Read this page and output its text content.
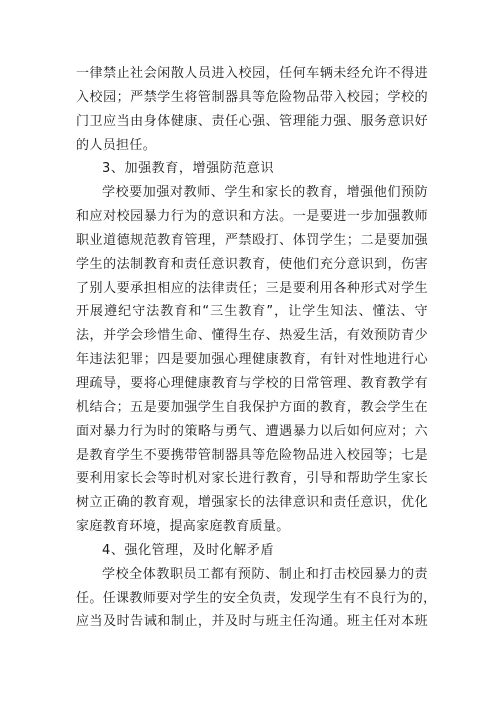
一律禁止社会闲散人员进入校园，任何车辆未经允许不得进
入校园；严禁学生将管制器具等危险物品带入校园；学校的
门卫应当由身体健康、责任心强、管理能力强、服务意识好
的人员担任。
3、加强教育，增强防范意识
学校要加强对教师、学生和家长的教育，增强他们预防
和应对校园暴力行为的意识和方法。一是要进一步加强教师
职业道德规范教育管理，严禁殴打、体罚学生；二是要加强
学生的法制教育和责任意识教育，使他们充分意识到，伤害
了别人要承担相应的法律责任；三是要利用各种形式对学生
开展遵纪守法教育和“三生教育”，让学生知法、懂法、守
法，并学会珍惜生命、懂得生存、热爱生活，有效预防青少
年违法犯罪；四是要加强心理健康教育，有针对性地进行心
理疏导，要将心理健康教育与学校的日常管理、教育教学有
机结合；五是要加强学生自我保护方面的教育，教会学生在
面对暴力行为时的策略与勇气、遭遇暴力以后如何应对；六
是教育学生不要携带管制器具等危险物品进入校园等；七是
要利用家长会等时机对家长进行教育，引导和帮助学生家长
树立正确的教育观，增强家长的法律意识和责任意识，优化
家庭教育环境，提高家庭教育质量。
4、强化管理，及时化解矛盾
学校全体教职员工都有预防、制止和打击校园暴力的责
任。任课教师要对学生的安全负责，发现学生有不良行为的，
应当及时告诫和制止，并及时与班主任沟通。班主任对本班
